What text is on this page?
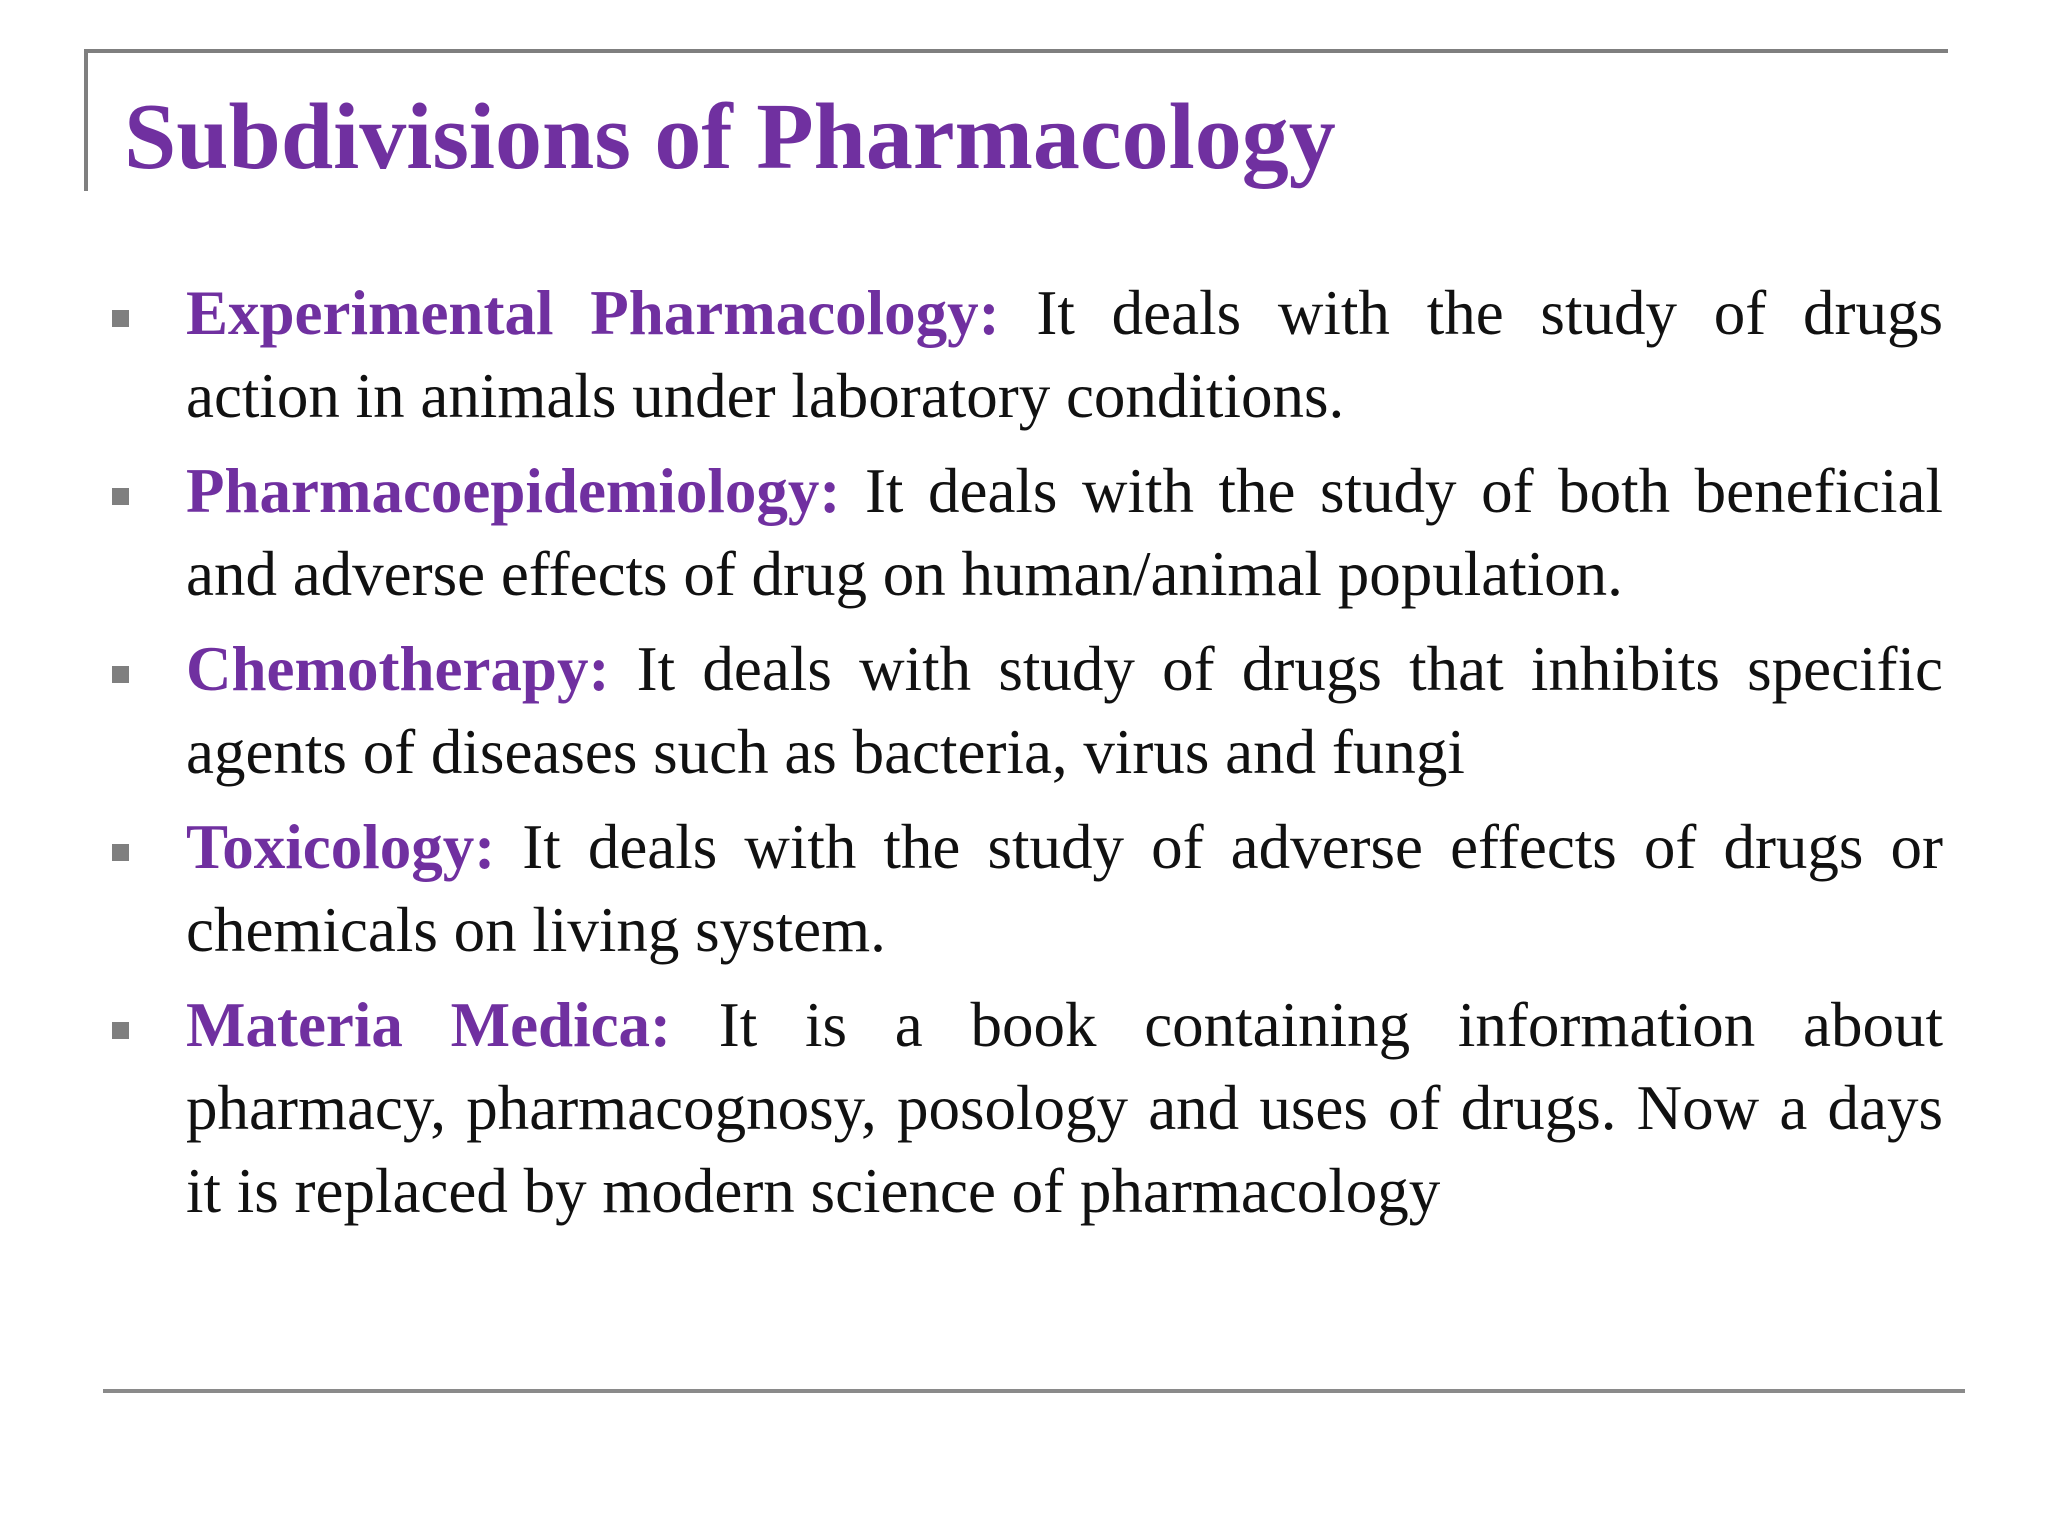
Subdivisions of Pharmacology
Experimental Pharmacology: It deals with the study of drugs action in animals under laboratory conditions.
Pharmacoepidemiology: It deals with the study of both beneficial and adverse effects of drug on human/animal population.
Chemotherapy: It deals with study of drugs that inhibits specific agents of diseases such as bacteria, virus and fungi
Toxicology: It deals with the study of adverse effects of drugs or chemicals on living system.
Materia Medica: It is a book containing information about pharmacy, pharmacognosy, posology and uses of drugs. Now a days it is replaced by modern science of pharmacology
